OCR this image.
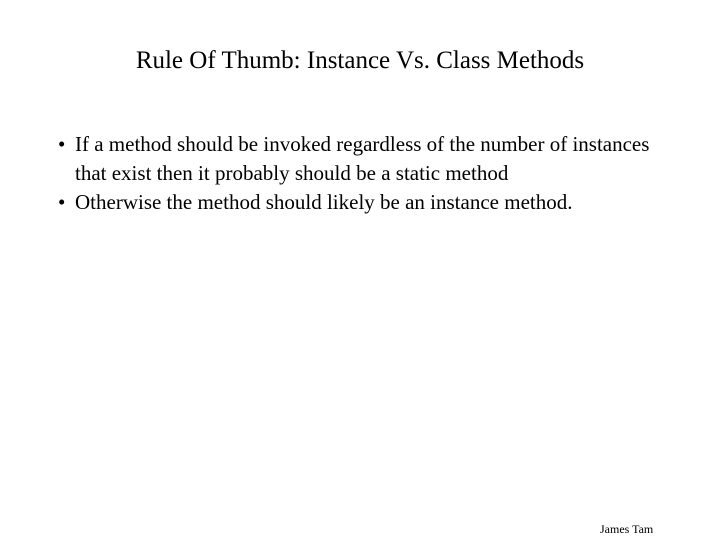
Rule Of Thumb: Instance Vs. Class Methods
• If a method should be invoked regardless of the number of instances that exist then it probably should be a static method
• Otherwise the method should likely be an instance method.
James Tam
